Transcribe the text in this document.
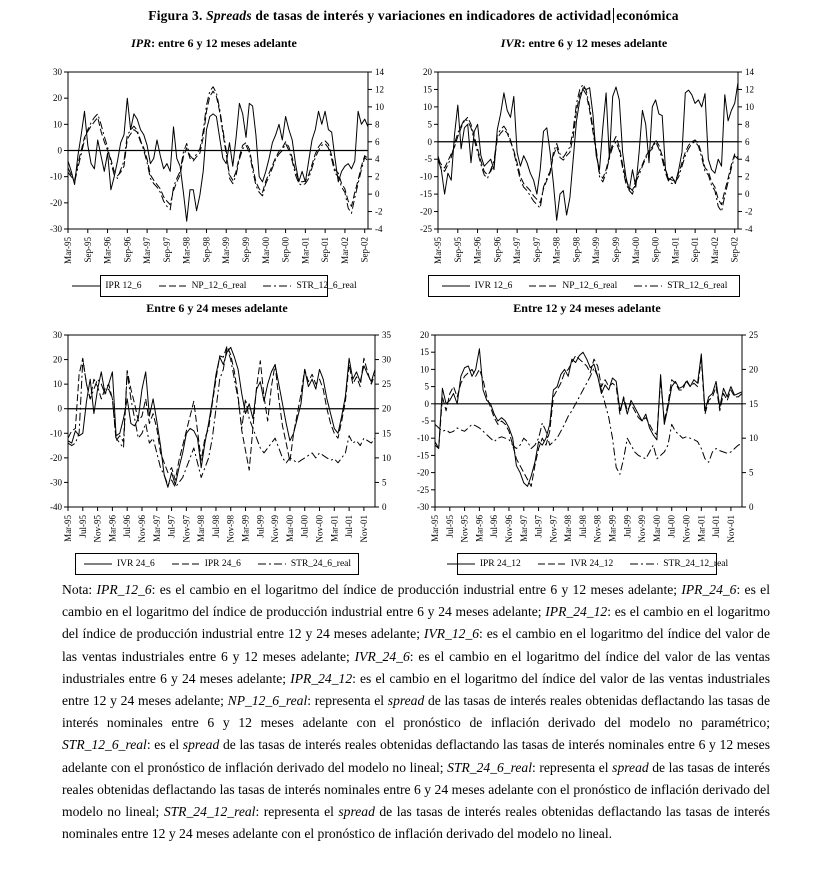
Figura 3. Spreads de tasas de interés y variaciones en indicadores de actividad económica
IPR: entre 6 y 12 meses adelante
30
20
10
0
-10
-20
-30
14
12
10
8
6
4
2
0
-2
-4
Mar-95 Sep-95 Mar-96 Sep-96 Mar-97 Sep-97 Mar-98 Sep-98 Mar-99 Sep-99 Mar-00 Sep-00 Mar-01 Sep-01 Mar-02 Sep-02
IPR 12_6	NP_12_6_real	STR_12_6_real
IVR: entre 6 y 12 meses adelante
20
15
10
5
0
-5
-10
-15
-20
-25
14
12
10
8
6
4
2
0
-2
-4
Mar-95 Sep-95 Mar-96 Sep-96 Mar-97 Sep-97 Mar-98 Sep-98 Mar-99 Sep-99 Mar-00 Sep-00 Mar-01 Sep-01 Mar-02 Sep-02
IVR 12_6	NP_12_6_real	STR_12_6_real
Entre 6 y 24 meses adelante
30
20
10
0
-10
-20
-30
-40
35
30
25
20
15
10
5
0
Mar-95 Jul-95 Nov-95 Mar-96 Jul-96 Nov-96 Mar-97 Jul-97 Nov-97 Mar-98 Jul-98 Nov-98 Mar-99 Jul-99 Nov-99 Mar-00 Jul-00 Nov-00 Mar-01 Jul-01 Nov-01
IVR 24_6	IPR 24_6	STR_24_6_real
Entre 12 y 24 meses adelante
20
15
10
5
0
-5
-10
-15
-20
-25
-30
25
20
15
10
5
0
Mar-95 Jul-95 Nov-95 Mar-96 Jul-96 Nov-96 Mar-97 Jul-97 Nov-97 Mar-98 Jul-98 Nov-98 Mar-99 Jul-99 Nov-99 Mar-00 Jul-00 Nov-00 Mar-01 Jul-01 Nov-01
IPR 24_12	IVR 24_12	STR_24_12_real
Nota: IPR_12_6: es el cambio en el logaritmo del índice de producción industrial entre 6 y 12 meses adelante; IPR_24_6: es el cambio en el logaritmo del índice de producción industrial entre 6 y 24 meses adelante; IPR_24_12: es el cambio en el logaritmo del índice de producción industrial entre 12 y 24 meses adelante; IVR_12_6: es el cambio en el logaritmo del índice del valor de las ventas industriales entre 6 y 12 meses adelante; IVR_24_6: es el cambio en el logaritmo del índice del valor de las ventas industriales entre 6 y 24 meses adelante; IPR_24_12: es el cambio en el logaritmo del índice del valor de las ventas industriales entre 12 y 24 meses adelante; NP_12_6_real: representa el spread de las tasas de interés reales obtenidas deflactando las tasas de interés nominales entre 6 y 12 meses adelante con el pronóstico de inflación derivado del modelo no paramétrico; STR_12_6_real: es el spread de las tasas de interés reales obtenidas deflactando las tasas de interés nominales entre 6 y 12 meses adelante con el pronóstico de inflación derivado del modelo no lineal; STR_24_6_real: representa el spread de las tasas de interés reales obtenidas deflactando las tasas de interés nominales entre 6 y 24 meses adelante con el pronóstico de inflación derivado del modelo no lineal; STR_24_12_real: representa el spread de las tasas de interés reales obtenidas deflactando las tasas de interés nominales entre 12 y 24 meses adelante con el pronóstico de inflación derivado del modelo no lineal.
